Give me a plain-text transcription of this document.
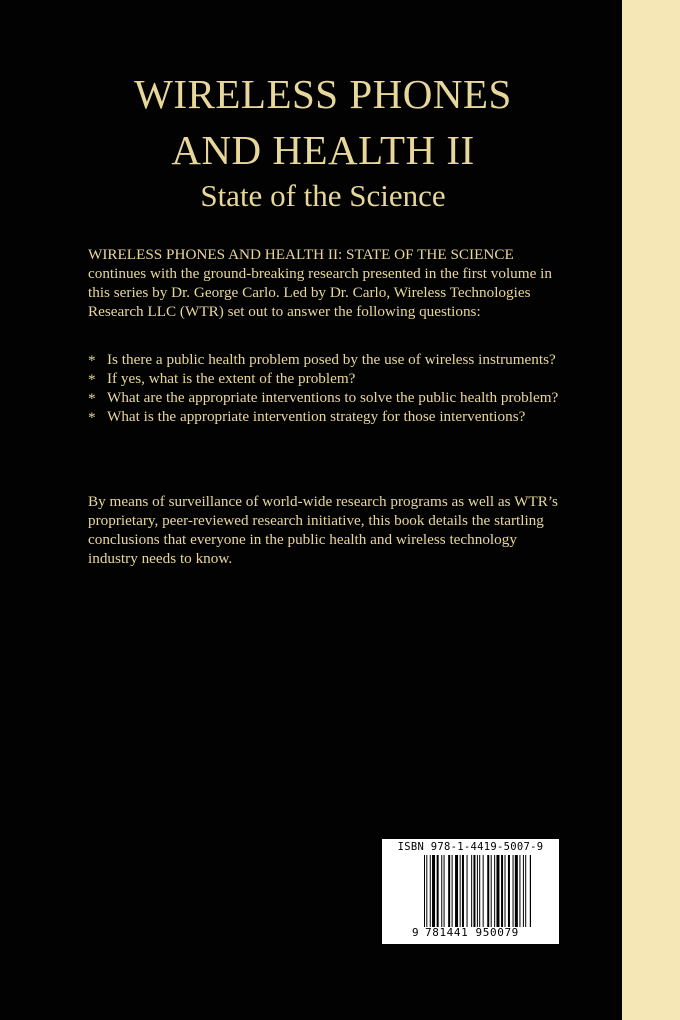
WIRELESS PHONES
AND HEALTH II
State of the Science
WIRELESS PHONES AND HEALTH II: STATE OF THE SCIENCE continues with the ground-breaking research presented in the first volume in this series by Dr. George Carlo. Led by Dr. Carlo, Wireless Technologies Research LLC (WTR) set out to answer the following questions:
* Is there a public health problem posed by the use of wireless instruments?
* If yes, what is the extent of the problem?
* What are the appropriate interventions to solve the public health problem?
* What is the appropriate intervention strategy for those interventions?
By means of surveillance of world-wide research programs as well as WTR’s proprietary, peer-reviewed research initiative, this book details the startling conclusions that everyone in the public health and wireless technology industry needs to know.
ISBN 978-1-4419-5007-9
9 781441 950079
